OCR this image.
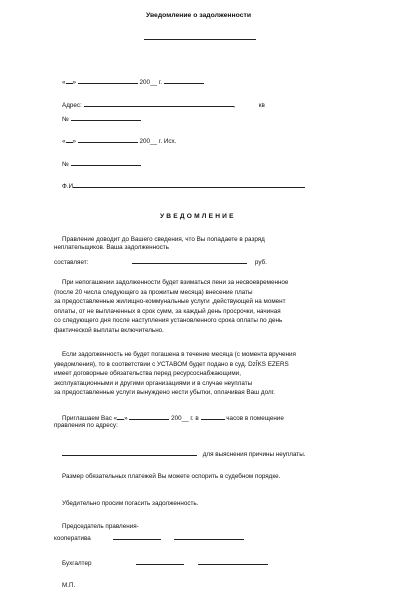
Уведомление о задолженности
« »	200__ г.
Адрес:	,	кв
№
« »	200__ г. Исх.
№
Ф.И
УВЕДОМЛЕНИЕ
Правление доводит до Вашего сведения, что Вы попадаете в разряд
неплательщиков. Ваша задолженность
составляет:	руб.
При непогашении задолженности будет взиматься пени за несвоевременное
(после 20 числа следующего за прожитым месяца) внесение платы
за предоставленные жилищно-коммунальные услуги ,действующей на момент
оплаты, от не выплаченных в срок сумм, за каждый день просрочки, начиная
со следующего дня после наступления установленного срока оплаты по день
фактической выплаты включительно.
Если задолженность не будет погашена в течение месяца (с момента вручения
уведомления), то в соответствии с УСТАВОМ будет подано в суд. DzĪKS EZERS
имеет договорные обязательства перед ресурсоснабжающими,
эксплуатационными и другими организациями и в случае неуплаты
за предоставленные услуги вынуждено нести убытки, оплачивая Ваш долг.
Приглашаем Вас « »	200__ г. в	часов в помещение
правления по адресу:
для выяснения причины неуплаты.
Размер обязательных платежей Вы можете оспорить в судебном порядке.
Убедительно просим погасить задолженность.
Председатель правления-
кооператива
Бухгалтер
М.П.
